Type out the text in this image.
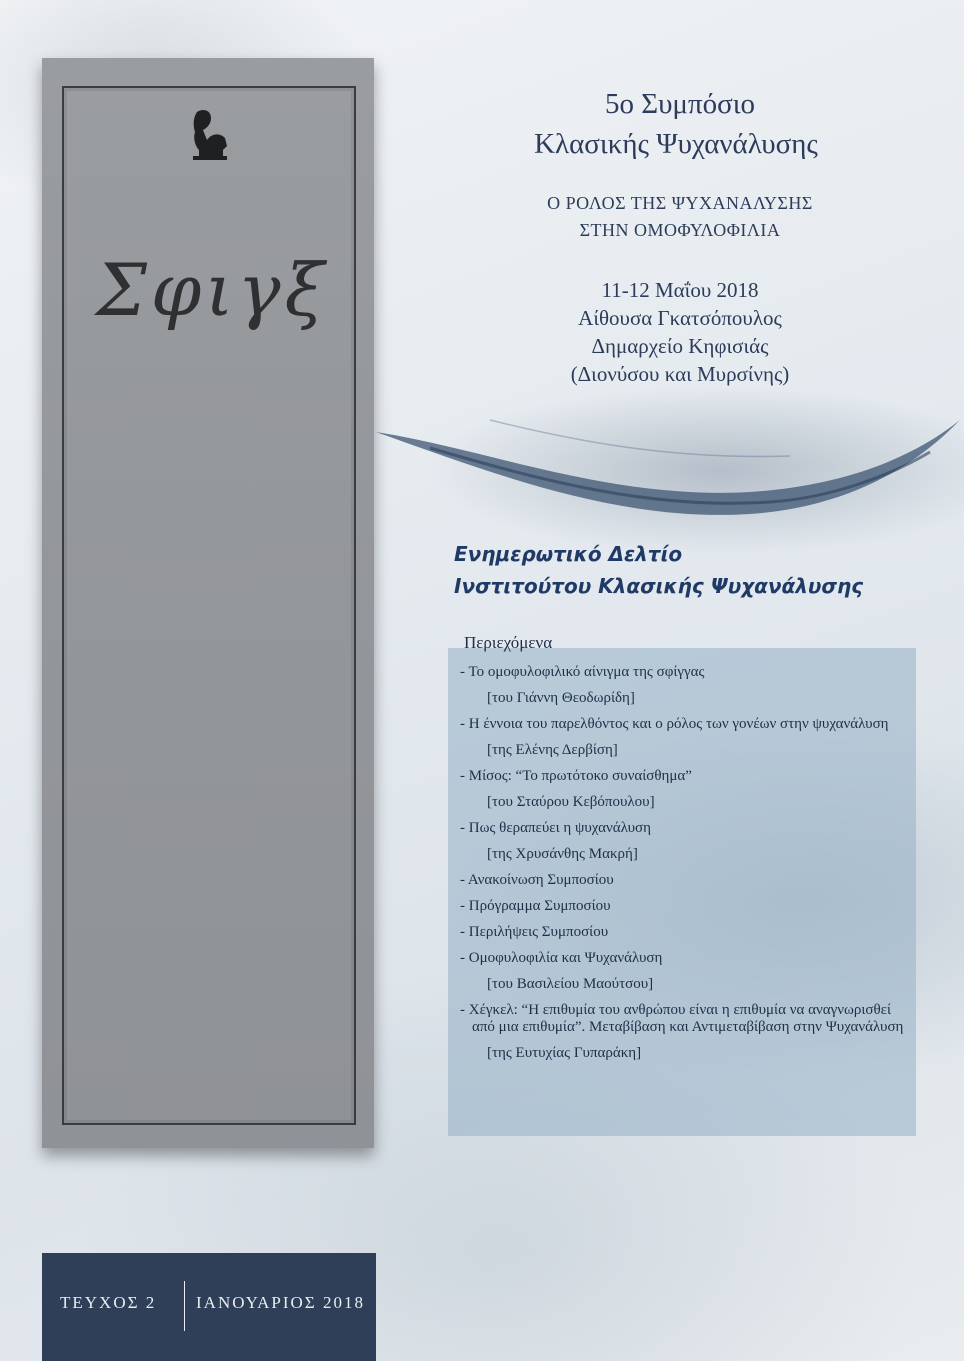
Σφιγξ
ΤΕΥΧΟΣ 2 ΙΑΝΟΥΑΡΙΟΣ 2018
5ο Συμπόσιο
Κλασικής Ψυχανάλυσης
Ο ΡΟΛΟΣ ΤΗΣ ΨΥΧΑΝΑΛΥΣΗΣ
ΣΤΗΝ ΟΜΟΦΥΛΟΦΙΛΙΑ
11-12 Μαΐου 2018
Αίθουσα Γκατσόπουλος
Δημαρχείο Κηφισιάς
(Διονύσου και Μυρσίνης)
Ενημερωτικό Δελτίο
Ινστιτούτου Κλασικής Ψυχανάλυσης
Περιεχόμενα
- Το ομοφυλοφιλικό αίνιγμα της σφίγγας
[του Γιάννη Θεοδωρίδη]
- Η έννοια του παρελθόντος και ο ρόλος των γονέων στην ψυχανάλυση
[της Ελένης Δερβίση]
- Μίσος: “Το πρωτότοκο συναίσθημα”
[του Σταύρου Κεβόπουλου]
- Πως θεραπεύει η ψυχανάλυση
[της Χρυσάνθης Μακρή]
- Ανακοίνωση Συμποσίου
- Πρόγραμμα Συμποσίου
- Περιλήψεις Συμποσίου
- Ομοφυλοφιλία και Ψυχανάλυση
[του Βασιλείου Μαούτσου]
- Χέγκελ: “Η επιθυμία του ανθρώπου είναι η επιθυμία να αναγνωρισθεί από μια επιθυμία”. Μεταβίβαση και Αντιμεταβίβαση στην Ψυχανάλυση
[της Ευτυχίας Γυπαράκη]
